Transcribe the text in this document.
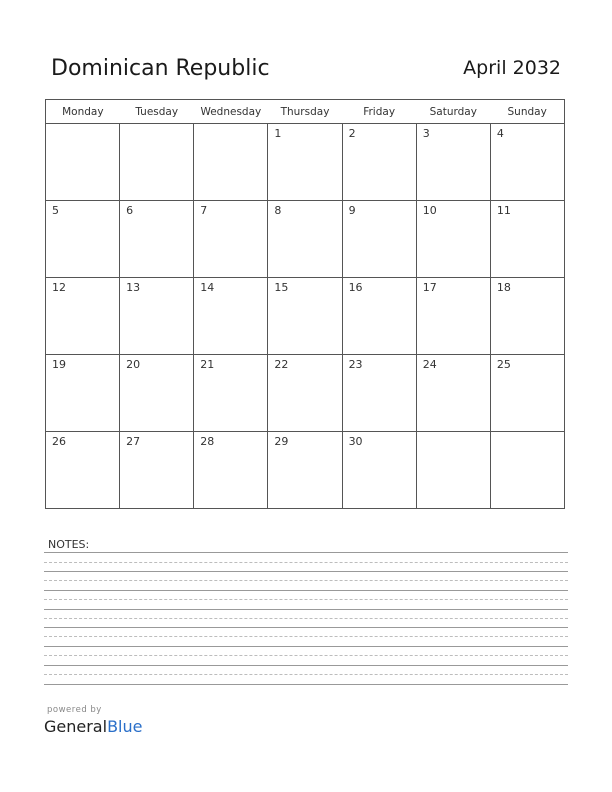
Dominican Republic	April 2032
Monday	Tuesday	Wednesday	Thursday	Friday	Saturday	Sunday

			1	2	3	4

5	6	7	8	9	10	11

12	13	14	15	16	17	18

19	20	21	22	23	24	25

26	27	28	29	30		

NOTES:
powered by
GeneralBlue
